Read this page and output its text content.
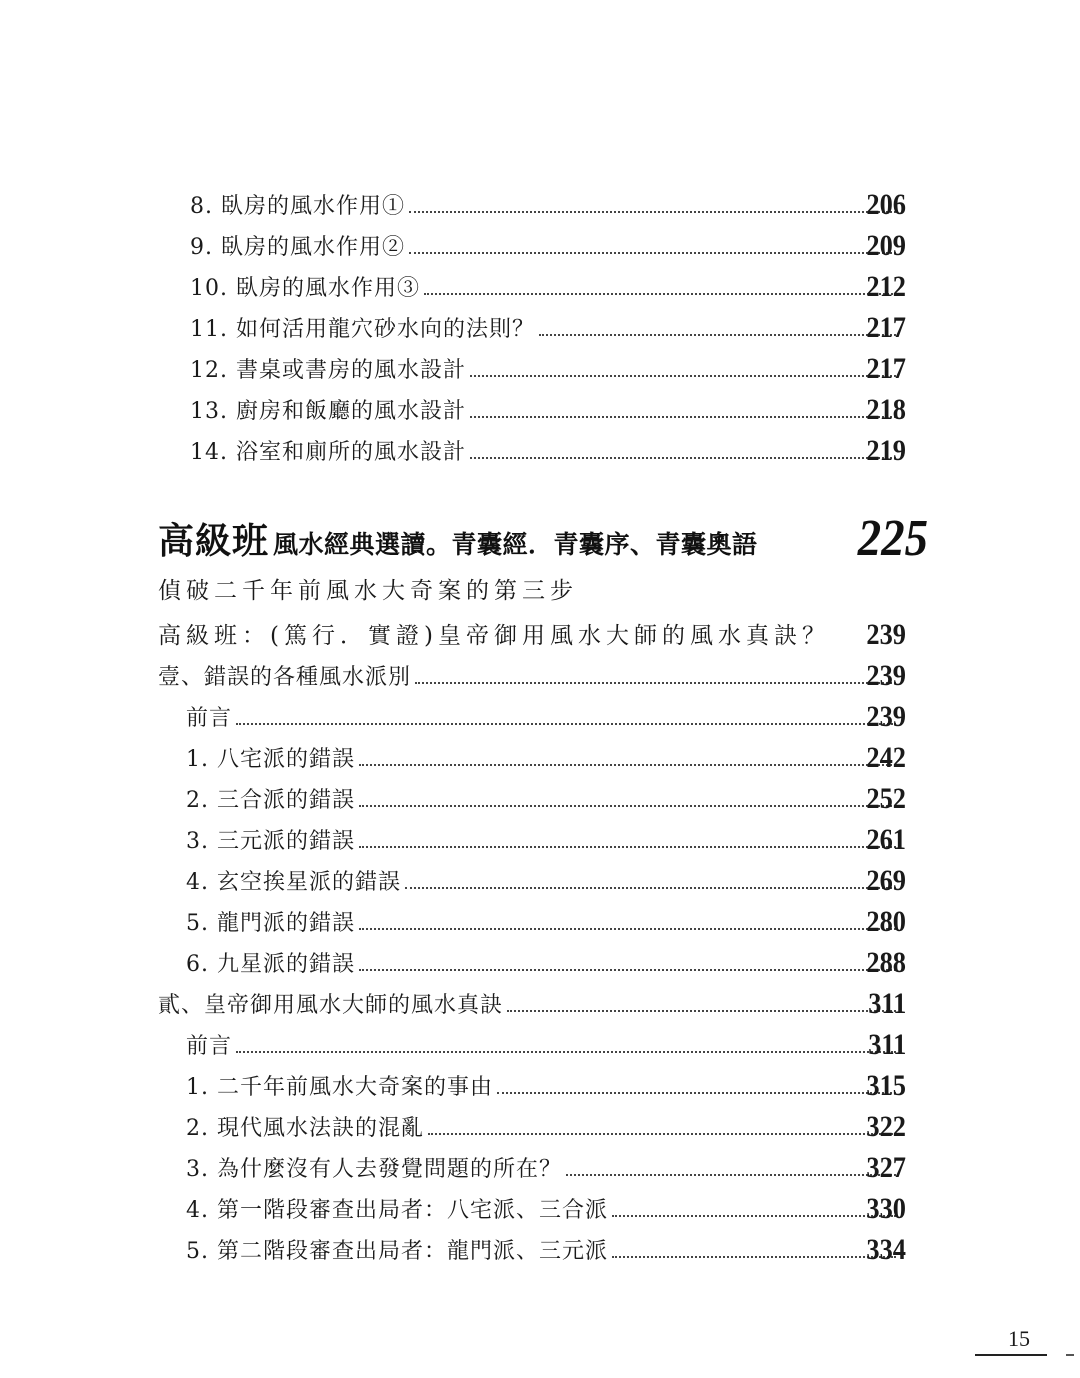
8. 臥房的風水作用①	206
9. 臥房的風水作用②	209
10. 臥房的風水作用③	212
11. 如何活用龍穴砂水向的法則？	217
12. 書桌或書房的風水設計	217
13. 廚房和飯廳的風水設計	218
14. 浴室和廁所的風水設計	219
高級班 風水經典選讀。青囊經．青囊序、青囊奧語 225
偵破二千年前風水大奇案的第三步
高級班：(篤行．實證)皇帝御用風水大師的風水真訣？ 239
壹、錯誤的各種風水派別	239
前言	239
1. 八宅派的錯誤	242
2. 三合派的錯誤	252
3. 三元派的錯誤	261
4. 玄空挨星派的錯誤	269
5. 龍門派的錯誤	280
6. 九星派的錯誤	288
貳、皇帝御用風水大師的風水真訣	311
前言	311
1. 二千年前風水大奇案的事由	315
2. 現代風水法訣的混亂	322
3. 為什麼沒有人去發覺問題的所在？	327
4. 第一階段審查出局者：八宅派、三合派	330
5. 第二階段審查出局者：龍門派、三元派	334
15
